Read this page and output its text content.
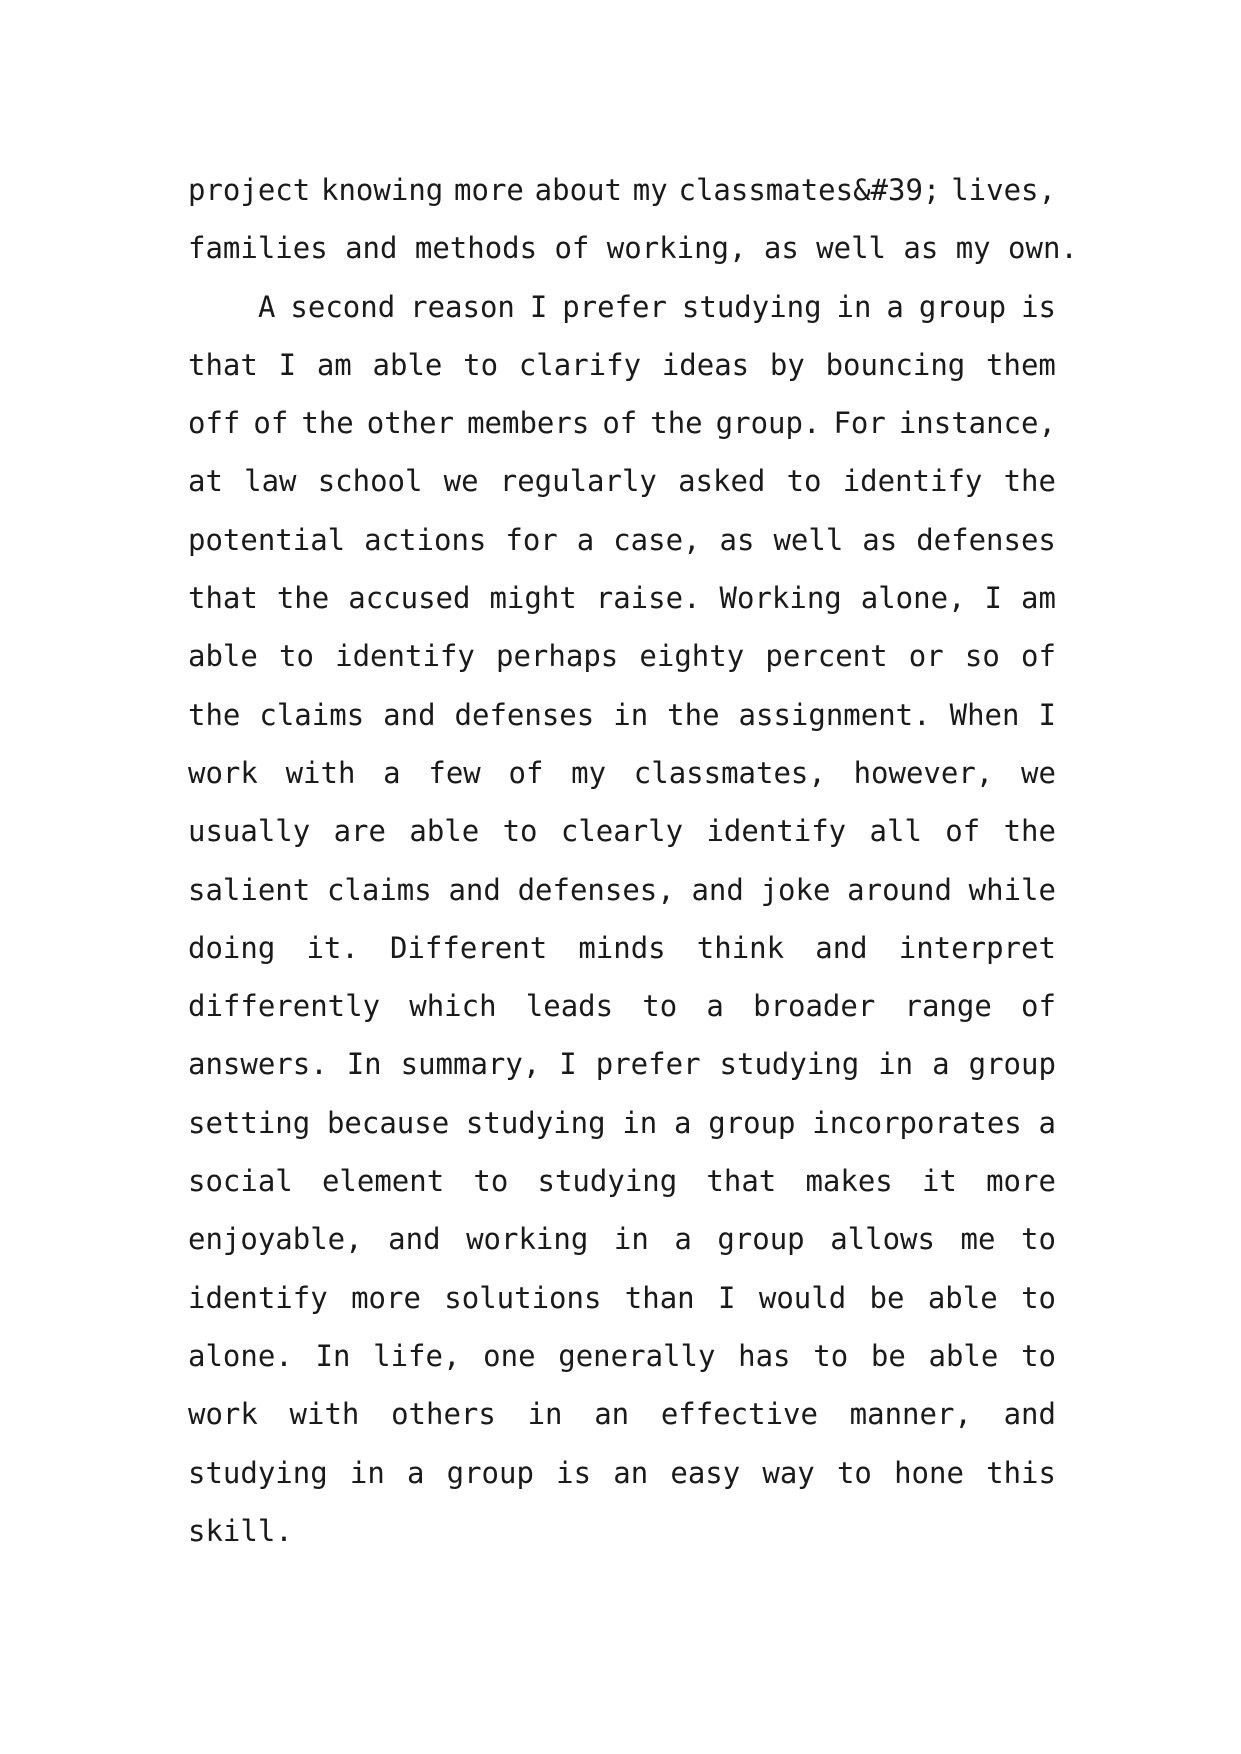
project knowing more about my classmates&#39; lives,
families and methods of working, as well as my own.
A second reason I prefer studying in a group is
that I am able to clarify ideas by bouncing them
off of the other members of the group. For instance,
at law school we regularly asked to identify the
potential actions for a case, as well as defenses
that the accused might raise. Working alone, I am
able to identify perhaps eighty percent or so of
the claims and defenses in the assignment. When I
work with a few of my classmates, however, we
usually are able to clearly identify all of the
salient claims and defenses, and joke around while
doing it. Different minds think and interpret
differently which leads to a broader range of
answers. In summary, I prefer studying in a group
setting because studying in a group incorporates a
social element to studying that makes it more
enjoyable, and working in a group allows me to
identify more solutions than I would be able to
alone. In life, one generally has to be able to
work with others in an effective manner, and
studying in a group is an easy way to hone this
skill.
